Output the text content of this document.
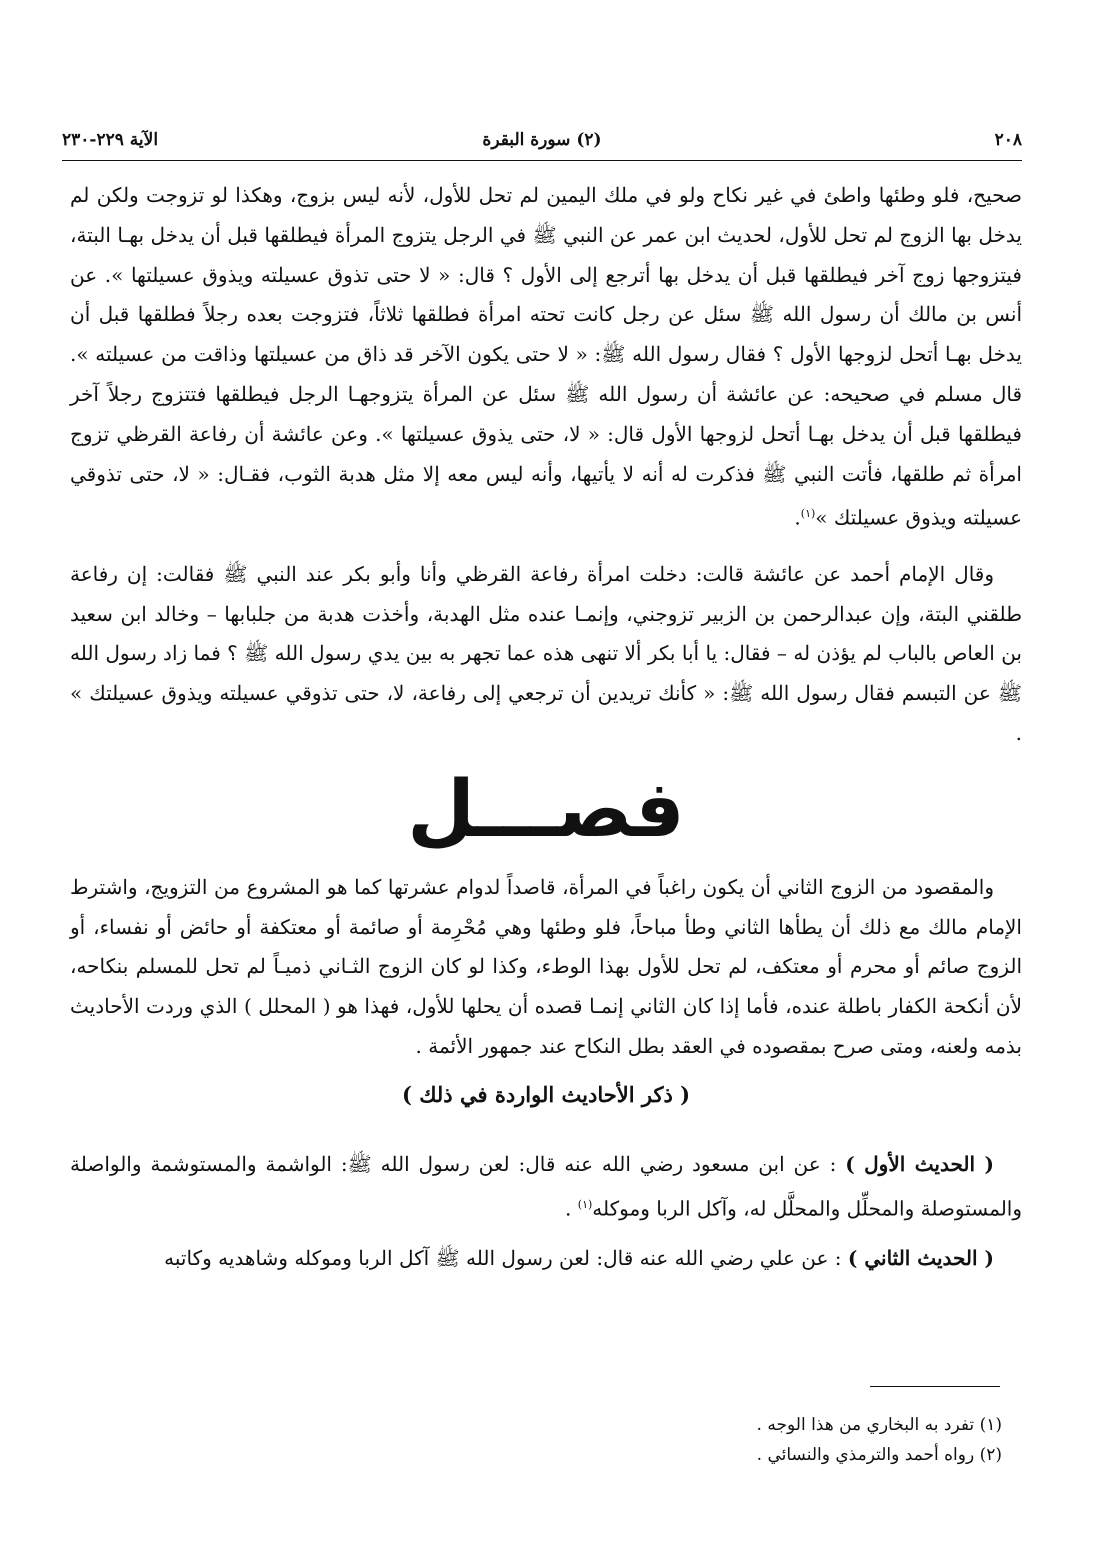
٢٠٨
(٢) سورة البقرة
الآية ٢٢٩-٢٣٠

صحيح، فلو وطئها واطئ في غير نكاح ولو في ملك اليمين لم تحل للأول، لأنه ليس بزوج، وهكذا لو تزوجت ولكن لم يدخل بها الزوج لم تحل للأول، لحديث ابن عمر عن النبي ﷺ في الرجل يتزوج المرأة فيطلقها قبل أن يدخل بهـا البتة، فيتزوجها زوج آخر فيطلقها قبل أن يدخل بها أترجع إلى الأول ؟ قال: « لا حتى تذوق عسيلته ويذوق عسيلتها ». عن أنس بن مالك أن رسول الله ﷺ سئل عن رجل كانت تحته امرأة فطلقها ثلاثاً، فتزوجت بعده رجلاً فطلقها قبل أن يدخل بهـا أتحل لزوجها الأول ؟ فقال رسول الله ﷺ: « لا حتى يكون الآخر قد ذاق من عسيلتها وذاقت من عسيلته ». قال مسلم في صحيحه: عن عائشة أن رسول الله ﷺ سئل عن المرأة يتزوجهـا الرجل فيطلقها فتتزوج رجلاً آخر فيطلقها قبل أن يدخل بهـا أتحل لزوجها الأول قال: « لا، حتى يذوق عسيلتها ». وعن عائشة أن رفاعة القرظي تزوج امرأة ثم طلقها، فأتت النبي ﷺ فذكرت له أنه لا يأتيها، وأنه ليس معه إلا مثل هدبة الثوب، فقـال: « لا، حتى تذوقي عسيلته ويذوق عسيلتك »$^{(١)}$.

وقال الإمام أحمد عن عائشة قالت: دخلت امرأة رفاعة القرظي وأنا وأبو بكر عند النبي ﷺ فقالت: إن رفاعة طلقني البتة، وإن عبدالرحمن بن الزبير تزوجني، وإنمـا عنده مثل الهدبة، وأخذت هدبة من جلبابها – وخالد ابن سعيد بن العاص بالباب لم يؤذن له – فقال: يا أبا بكر ألا تنهى هذه عما تجهر به بين يدي رسول الله ﷺ ؟ فما زاد رسول الله ﷺ عن التبسم فقال رسول الله ﷺ: « كأنك تريدين أن ترجعي إلى رفاعة، لا، حتى تذوقي عسيلته ويذوق عسيلتك » .

فصـــل

والمقصود من الزوج الثاني أن يكون راغباً في المرأة، قاصداً لدوام عشرتها كما هو المشروع من التزويج، واشترط الإمام مالك مع ذلك أن يطأها الثاني وطأ مباحاً، فلو وطئها وهي مُحْرِمة أو صائمة أو معتكفة أو حائض أو نفساء، أو الزوج صائم أو محرم أو معتكف، لم تحل للأول بهذا الوطء، وكذا لو كان الزوج الثـاني ذميـاً لم تحل للمسلم بنكاحه، لأن أنكحة الكفار باطلة عنده، فأما إذا كان الثاني إنمـا قصده أن يحلها للأول، فهذا هو ( المحلل ) الذي وردت الأحاديث بذمه ولعنه، ومتى صرح بمقصوده في العقد بطل النكاح عند جمهور الأئمة .

( ذكر الأحاديث الواردة في ذلك )

( الحديث الأول ) : عن ابن مسعود رضي الله عنه قال: لعن رسول الله ﷺ: الواشمة والمستوشمة والواصلة والمستوصلة والمحلِّل والمحلَّل له، وآكل الربا وموكله$^{(١)}$ .

( الحديث الثاني ) : عن علي رضي الله عنه قال: لعن رسول الله ﷺ آكل الربا وموكله وشاهديه وكاتبه

(١) تفرد به البخاري من هذا الوجه .

(٢) رواه أحمد والترمذي والنسائي .
